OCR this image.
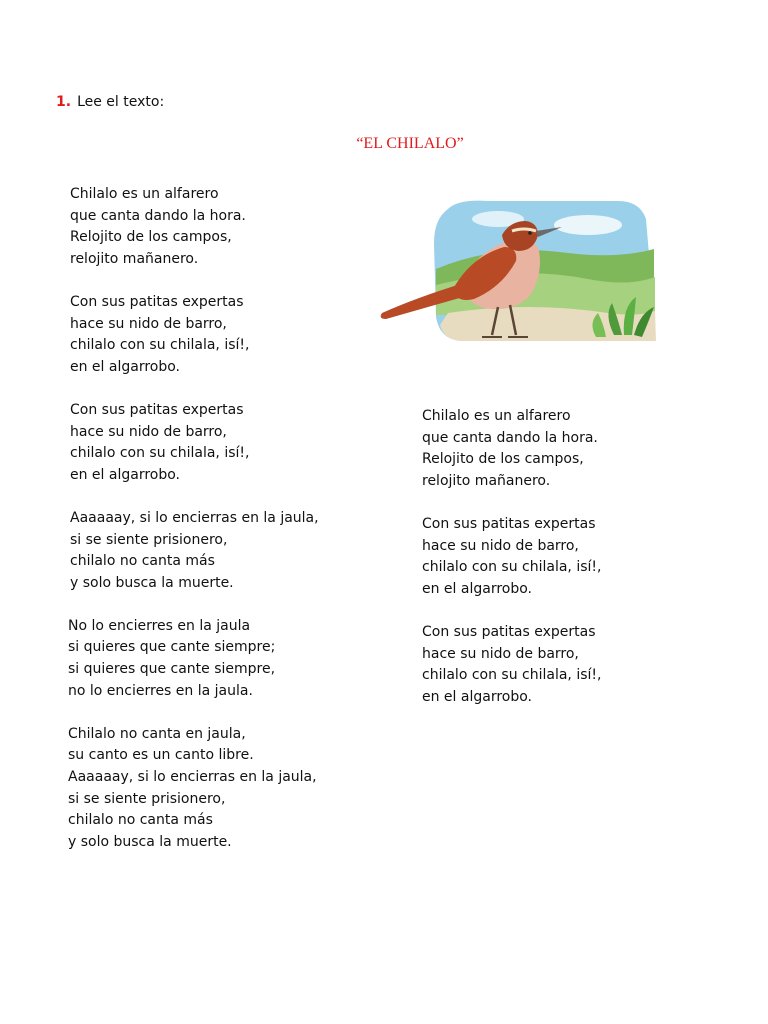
1. Lee el texto:
“EL CHILALO”
Chilalo es un alfarero
que canta dando la hora.
Relojito de los campos,
relojito mañanero.
Con sus patitas expertas
hace su nido de barro,
chilalo con su chilala, isí!,
en el algarrobo.
Con sus patitas expertas
hace su nido de barro,
chilalo con su chilala, isí!,
en el algarrobo.
Aaaaaay, si lo encierras en la jaula,
si se siente prisionero,
chilalo no canta más
y solo busca la muerte.
No lo encierres en la jaula
si quieres que cante siempre;
si quieres que cante siempre,
no lo encierres en la jaula.
Chilalo no canta en jaula,
su canto es un canto libre.
Aaaaaay, si lo encierras en la jaula,
si se siente prisionero,
chilalo no canta más
y solo busca la muerte.
Chilalo es un alfarero
que canta dando la hora.
Relojito de los campos,
relojito mañanero.
Con sus patitas expertas
hace su nido de barro,
chilalo con su chilala, isí!,
en el algarrobo.
Con sus patitas expertas
hace su nido de barro,
chilalo con su chilala, isí!,
en el algarrobo.
